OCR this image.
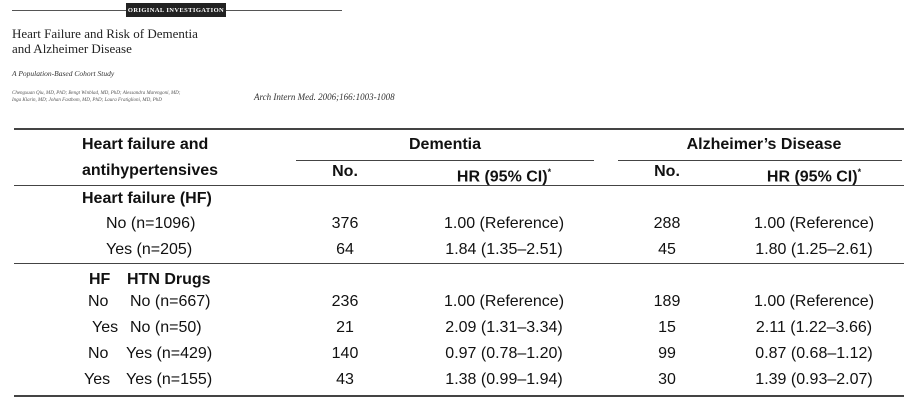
ORIGINAL INVESTIGATION
Heart Failure and Risk of Dementia
and Alzheimer Disease
A Population-Based Cohort Study
Chengxuan Qiu, MD, PhD; Bengt Winblad, MD, PhD; Alessandra Marengoni, MD;
Inga Klarin, MD; Johan Fastbom, MD, PhD; Laura Fratiglioni, MD, PhD	Arch Intern Med. 2006;166:1003-1008
Heart failure and
antihypertensives
Dementia	Alzheimer’s Disease
No.	HR (95% CI)*	No.	HR (95% CI)*
Heart failure (HF)
No (n=1096)	376	1.00 (Reference)	288	1.00 (Reference)
Yes (n=205)	64	1.84 (1.35–2.51)	45	1.80 (1.25–2.61)
HF HTN Drugs
No No (n=667)	236	1.00 (Reference)	189	1.00 (Reference)
Yes No (n=50)	21	2.09 (1.31–3.34)	15	2.11 (1.22–3.66)
No Yes (n=429)	140	0.97 (0.78–1.20)	99	0.87 (0.68–1.12)
Yes Yes (n=155)	43	1.38 (0.99–1.94)	30	1.39 (0.93–2.07)
